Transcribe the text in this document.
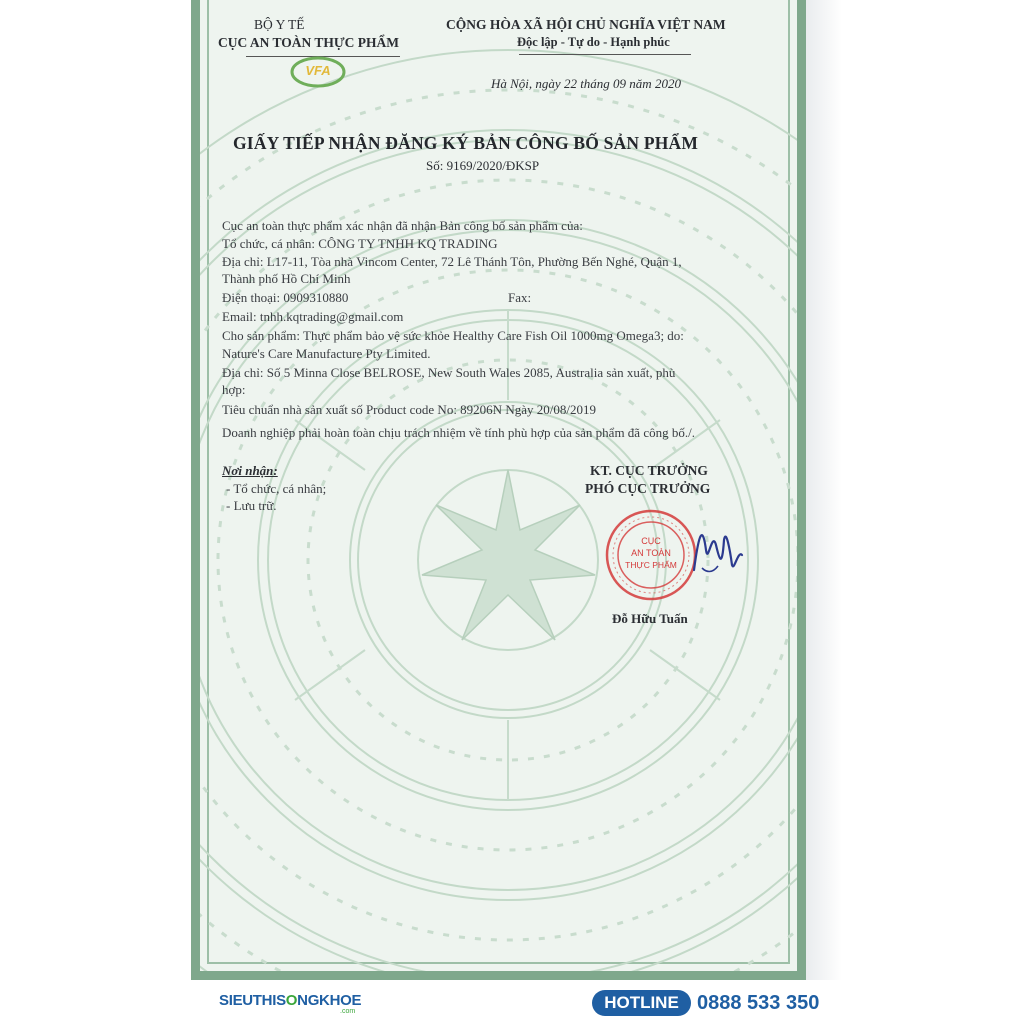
BỘ Y TẾ
CỤC AN TOÀN THỰC PHẨM
VFA
CỘNG HÒA XÃ HỘI CHỦ NGHĨA VIỆT NAM
Độc lập - Tự do - Hạnh phúc
Hà Nội, ngày 22 tháng 09 năm 2020
GIẤY TIẾP NHẬN ĐĂNG KÝ BẢN CÔNG BỐ SẢN PHẨM
Số: 9169/2020/ĐKSP
Cục an toàn thực phẩm xác nhận đã nhận Bản công bố sản phẩm của:
Tổ chức, cá nhân: CÔNG TY TNHH KQ TRADING
Địa chỉ: L17-11, Tòa nhà Vincom Center, 72 Lê Thánh Tôn, Phường Bến Nghé, Quận 1,
Thành phố Hồ Chí Minh
Điện thoại: 0909310880	Fax:
Email: tnhh.kqtrading@gmail.com
Cho sản phẩm: Thực phẩm bảo vệ sức khỏe Healthy Care Fish Oil 1000mg Omega3; do:
Nature's Care Manufacture Pty Limited.
Địa chỉ: Số 5 Minna Close BELROSE, New South Wales 2085, Australia sản xuất, phù
hợp:
Tiêu chuẩn nhà sản xuất số Product code No: 89206N Ngày 20/08/2019
Doanh nghiệp phải hoàn toàn chịu trách nhiệm về tính phù hợp của sản phẩm đã công bố./.
Nơi nhận:
- Tổ chức, cá nhân;
- Lưu trữ.
KT. CỤC TRƯỞNG
PHÓ CỤC TRƯỞNG
CỤC
AN TOÀN
THỰC PHẨM
Đỗ Hữu Tuấn
SIEUTHISONGKHOE
.com	HOTLINE 0888 533 350
